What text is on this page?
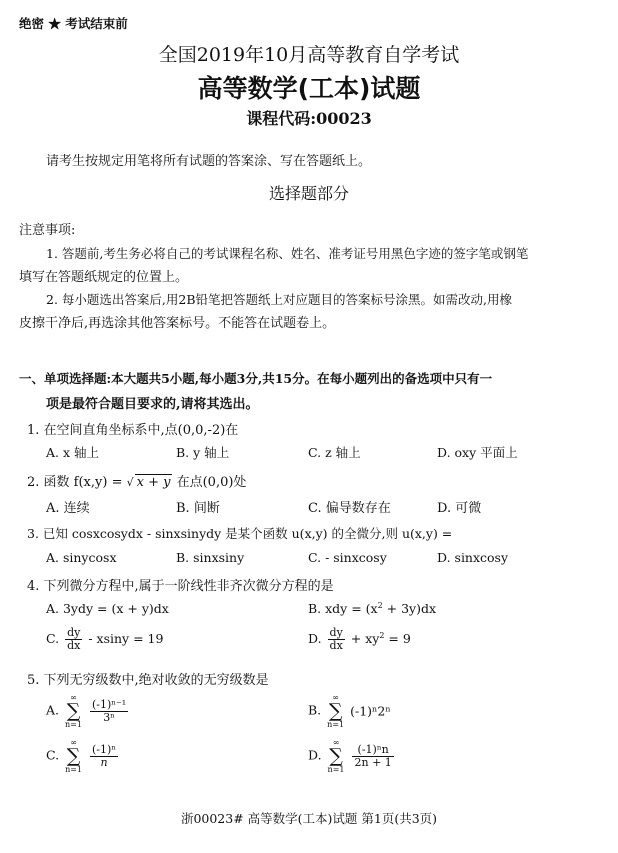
绝密 ★ 考试结束前
全国2019年10月高等教育自学考试
高等数学(工本)试题
课程代码:00023
请考生按规定用笔将所有试题的答案涂、写在答题纸上。
选择题部分
注意事项:
1. 答题前,考生务必将自己的考试课程名称、姓名、准考证号用黑色字迹的签字笔或钢笔
填写在答题纸规定的位置上。
2. 每小题选出答案后,用2B铅笔把答题纸上对应题目的答案标号涂黑。如需改动,用橡
皮擦干净后,再选涂其他答案标号。不能答在试题卷上。
一、单项选择题:本大题共5小题,每小题3分,共15分。在每小题列出的备选项中只有一
项是最符合题目要求的,请将其选出。
1. 在空间直角坐标系中,点(0,0,-2)在
A. x 轴上	B. y 轴上	C. z 轴上	D. oxy 平面上
2. 函数 f(x,y) = √ x + y 在点(0,0)处
A. 连续	B. 间断	C. 偏导数存在	D. 可微
3. 已知 cosxcosydx - sinxsinydy 是某个函数 u(x,y) 的全微分,则 u(x,y) =
A. sinycosx	B. sinxsiny	C. - sinxcosy	D. sinxcosy
4. 下列微分方程中,属于一阶线性非齐次微分方程的是
A. 3ydy = (x + y)dx	B. xdy = $(x^2 + 3y)dx$
C. $\frac{dy}{dx} - xsiny = 19$	D. $\frac{dy}{dx} + xy^2 = 9$
5. 下列无穷级数中,绝对收敛的无穷级数是
A.
∞
∑
n=1

$\frac{\text{(-1)ⁿ⁻¹}}{\text{3ⁿ}}$	B.
∞
∑
n=1
(-1)ⁿ2ⁿ
C.
∞
∑
n=1

$\frac{\text{(-1)ⁿ}}{n}$	D.
∞
∑
n=1

$\frac{\text{(-1)ⁿn}}{2n + 1}$
浙00023# 高等数学(工本)试题 第1页(共3页)
